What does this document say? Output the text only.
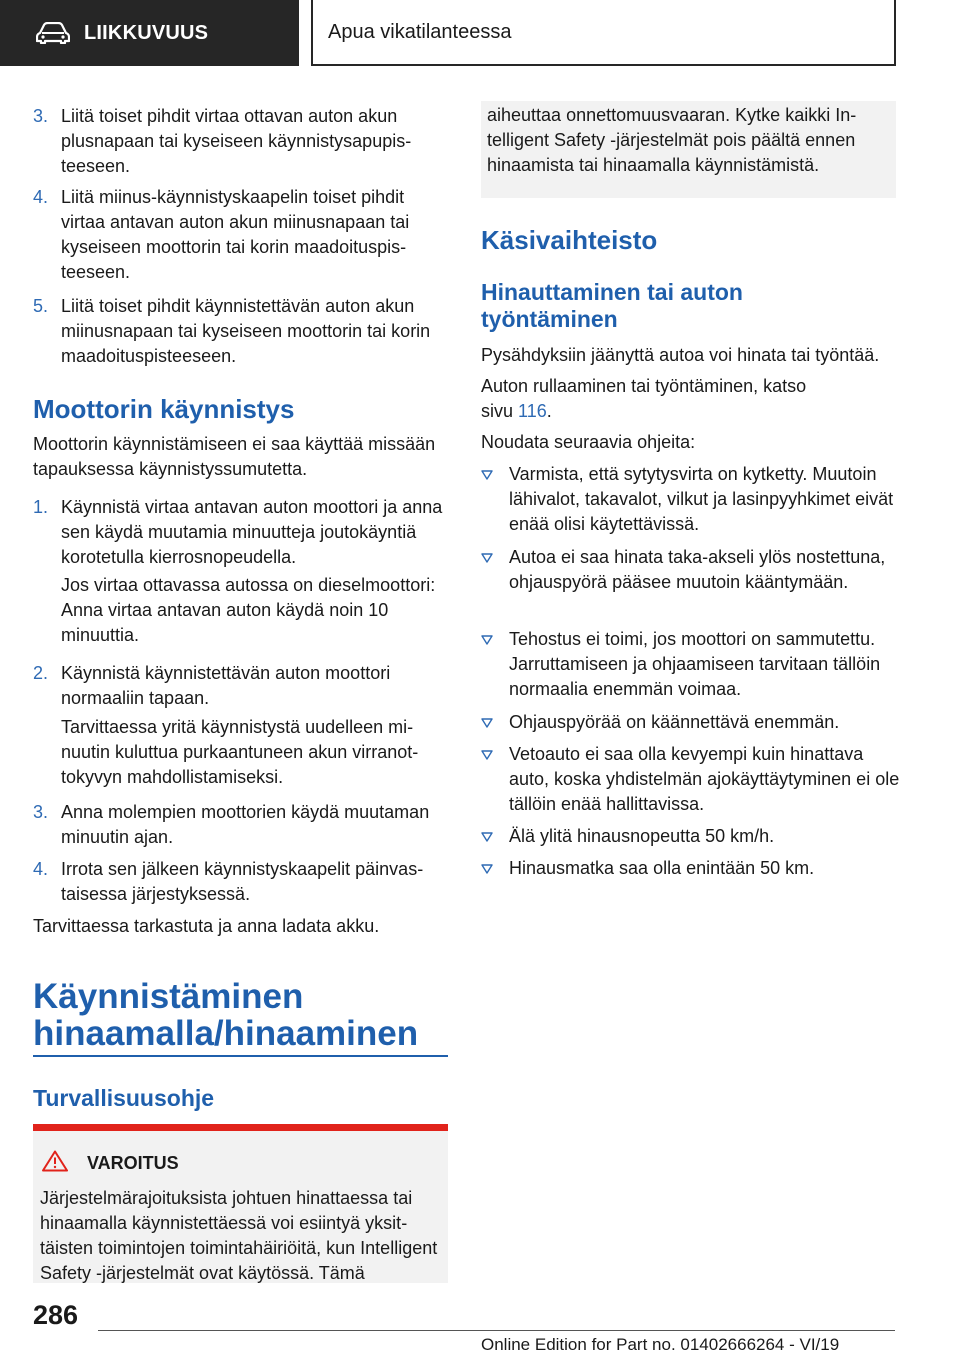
LIIKKUVUUS	Apua vikatilanteessa
3. Liitä toiset pihdit virtaa ottavan auton akun plusnapaan tai kyseiseen käynnistysapupisteeseen.
4. Liitä miinus-käynnistyskaapelin toiset pihdit virtaa antavan auton akun miinusnapaan tai kyseiseen moottorin tai korin maadoituspisteeseen.
5. Liitä toiset pihdit käynnistettävän auton akun miinusnapaan tai kyseiseen moottorin tai korin maadoituspisteeseen.
Moottorin käynnistys
Moottorin käynnistämiseen ei saa käyttää missään tapauksessa käynnistyssumutetta.
1. Käynnistä virtaa antavan auton moottori ja anna sen käydä muutamia minuutteja joutokäyntiä korotetulla kierrosnopeudella.
Jos virtaa ottavassa autossa on dieselmoottori: Anna virtaa antavan auton käydä noin 10 minuuttia.
2. Käynnistä käynnistettävän auton moottori normaaliin tapaan.
Tarvittaessa yritä käynnistystä uudelleen minuutin kuluttua purkaantuneen akun virranottokyvyn mahdollistamiseksi.
3. Anna molempien moottorien käydä muutaman minuutin ajan.
4. Irrota sen jälkeen käynnistyskaapelit päinvastaisessa järjestyksessä.
Tarvittaessa tarkastuta ja anna ladata akku.
Käynnistäminen
hinaamalla/hinaaminen
Turvallisuusohje
VAROITUS
Järjestelmärajoituksista johtuen hinattaessa tai hinaamalla käynnistettäessä voi esiintyä yksittäisten toimintojen toimintahäiriöitä, kun Intelligent Safety -järjestelmät ovat käytössä. Tämä
aiheuttaa onnettomuusvaaran. Kytke kaikki Intelligent Safety -järjestelmät pois päältä ennen hinaamista tai hinaamalla käynnistämistä.
Käsivaihteisto
Hinauttaminen tai auton työntäminen
Pysähdyksiin jäänyttä autoa voi hinata tai työntää.
Auton rullaaminen tai työntäminen, katso sivu 116.
Noudata seuraavia ohjeita:
Varmista, että sytytysvirta on kytketty. Muutoin lähivalot, takavalot, vilkut ja lasinpyyhkimet eivät enää olisi käytettävissä.
Autoa ei saa hinata taka-akseli ylös nostettuna, ohjauspyörä pääsee muutoin kääntymään.
Tehostus ei toimi, jos moottori on sammutettu. Jarruttamiseen ja ohjaamiseen tarvitaan tällöin normaalia enemmän voimaa.
Ohjauspyörää on käännettävä enemmän.
Vetoauto ei saa olla kevyempi kuin hinattava auto, koska yhdistelmän ajokäyttäytyminen ei ole tällöin enää hallittavissa.
Älä ylitä hinausnopeutta 50 km/h.
Hinausmatka saa olla enintään 50 km.
286
Online Edition for Part no. 01402666264 - VI/19
